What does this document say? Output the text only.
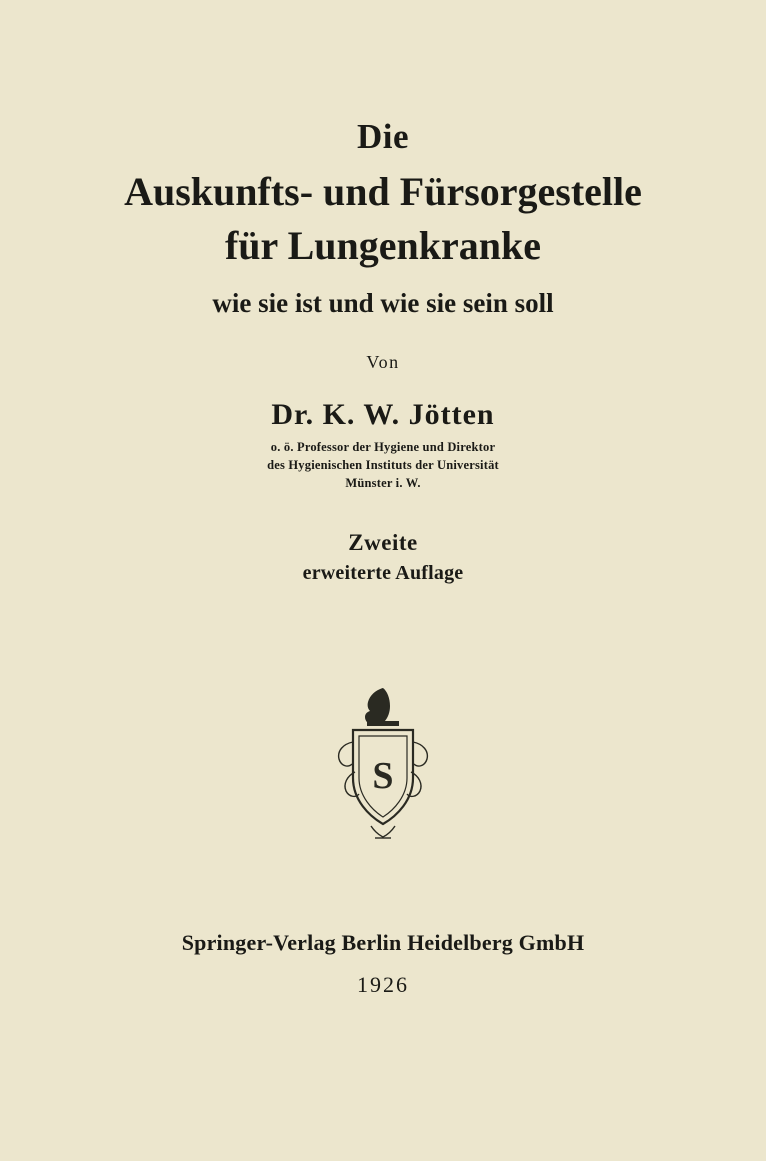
Die
Auskunfts- und Fürsorgestelle
für Lungenkranke
wie sie ist und wie sie sein soll
Von
Dr. K. W. Jötten
o. ö. Professor der Hygiene und Direktor
des Hygienischen Instituts der Universität
Münster i. W.
Zweite
erweiterte Auflage
S
Springer-Verlag Berlin Heidelberg GmbH
1926
